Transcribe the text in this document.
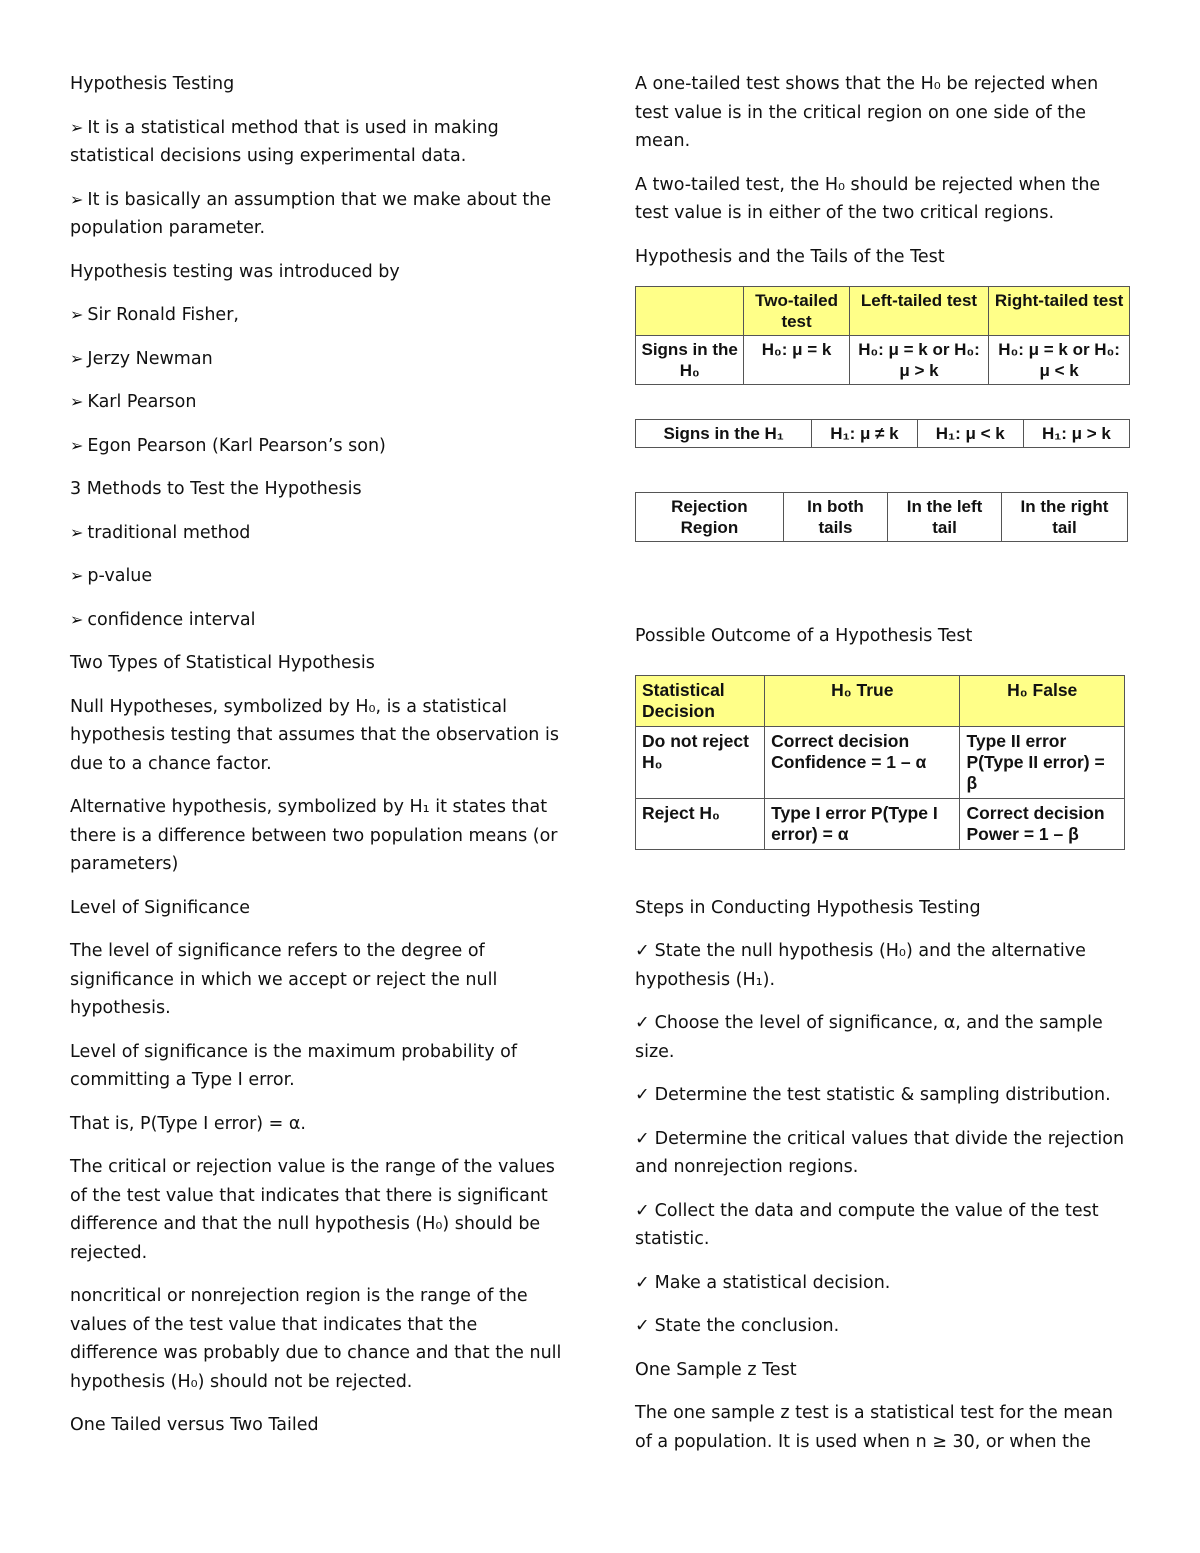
Hypothesis Testing

➢ It is a statistical method that is used in making statistical decisions using experimental data.

➢ It is basically an assumption that we make about the population parameter.

Hypothesis testing was introduced by

➢ Sir Ronald Fisher,

➢ Jerzy Newman

➢ Karl Pearson

➢ Egon Pearson (Karl Pearson’s son)

3 Methods to Test the Hypothesis

➢ traditional method

➢ p-value

➢ confidence interval

Two Types of Statistical Hypothesis

Null Hypotheses, symbolized by H₀, is a statistical hypothesis testing that assumes that the observation is due to a chance factor.

Alternative hypothesis, symbolized by H₁ it states that there is a difference between two population means (or parameters)

Level of Significance

The level of significance refers to the degree of significance in which we accept or reject the null hypothesis.

Level of significance is the maximum probability of committing a Type I error.

That is, P(Type I error) = α.

The critical or rejection value is the range of the values of the test value that indicates that there is significant difference and that the null hypothesis (H₀) should be rejected.

noncritical or nonrejection region is the range of the values of the test value that indicates that the difference was probably due to chance and that the null hypothesis (H₀) should not be rejected.

One Tailed versus Two Tailed

A one-tailed test shows that the H₀ be rejected when test value is in the critical region on one side of the mean.

A two-tailed test, the H₀ should be rejected when the test value is in either of the two critical regions.

Hypothesis and the Tails of the Test

	Two-tailed test	Left-tailed test	Right-tailed test
Signs in the H₀	H₀: μ = k	H₀: μ = k or H₀: μ > k	H₀: μ = k or H₀: μ < k
Signs in the H₁	H₁: μ ≠ k	H₁: μ < k	H₁: μ > k
Rejection Region	In both tails	In the left tail	In the right tail

Possible Outcome of a Hypothesis Test

Statistical Decision	H₀ True	H₀ False
Do not reject H₀	Correct decision Confidence = 1 – α	Type II error P(Type II error) = β
Reject H₀	Type I error P(Type I error) = α	Correct decision Power = 1 – β

Steps in Conducting Hypothesis Testing

✓ State the null hypothesis (H₀) and the alternative hypothesis (H₁).

✓ Choose the level of significance, α, and the sample size.

✓ Determine the test statistic & sampling distribution.

✓ Determine the critical values that divide the rejection and nonrejection regions.

✓ Collect the data and compute the value of the test statistic.

✓ Make a statistical decision.

✓ State the conclusion.

One Sample z Test

The one sample z test is a statistical test for the mean of a population. It is used when n ≥ 30, or when the
